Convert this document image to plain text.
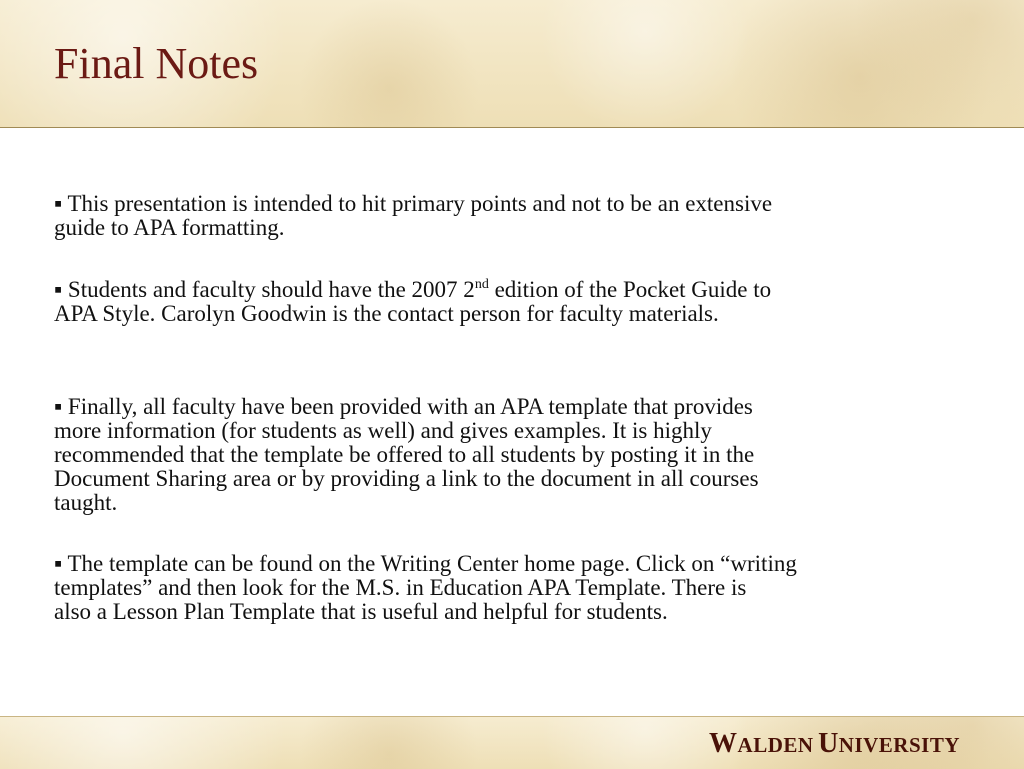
Final Notes

▪ This presentation is intended to hit primary points and not to be an extensive
guide to APA formatting.

▪ Students and faculty should have the 2007 2nd edition of the Pocket Guide to
APA Style. Carolyn Goodwin is the contact person for faculty materials.

▪ Finally, all faculty have been provided with an APA template that provides
more information (for students as well) and gives examples. It is highly
recommended that the template be offered to all students by posting it in the
Document Sharing area or by providing a link to the document in all courses
taught.

▪ The template can be found on the Writing Center home page. Click on “writing
templates” and then look for the M.S. in Education APA Template. There is
also a Lesson Plan Template that is useful and helpful for students.

WALDEN UNIVERSITY
